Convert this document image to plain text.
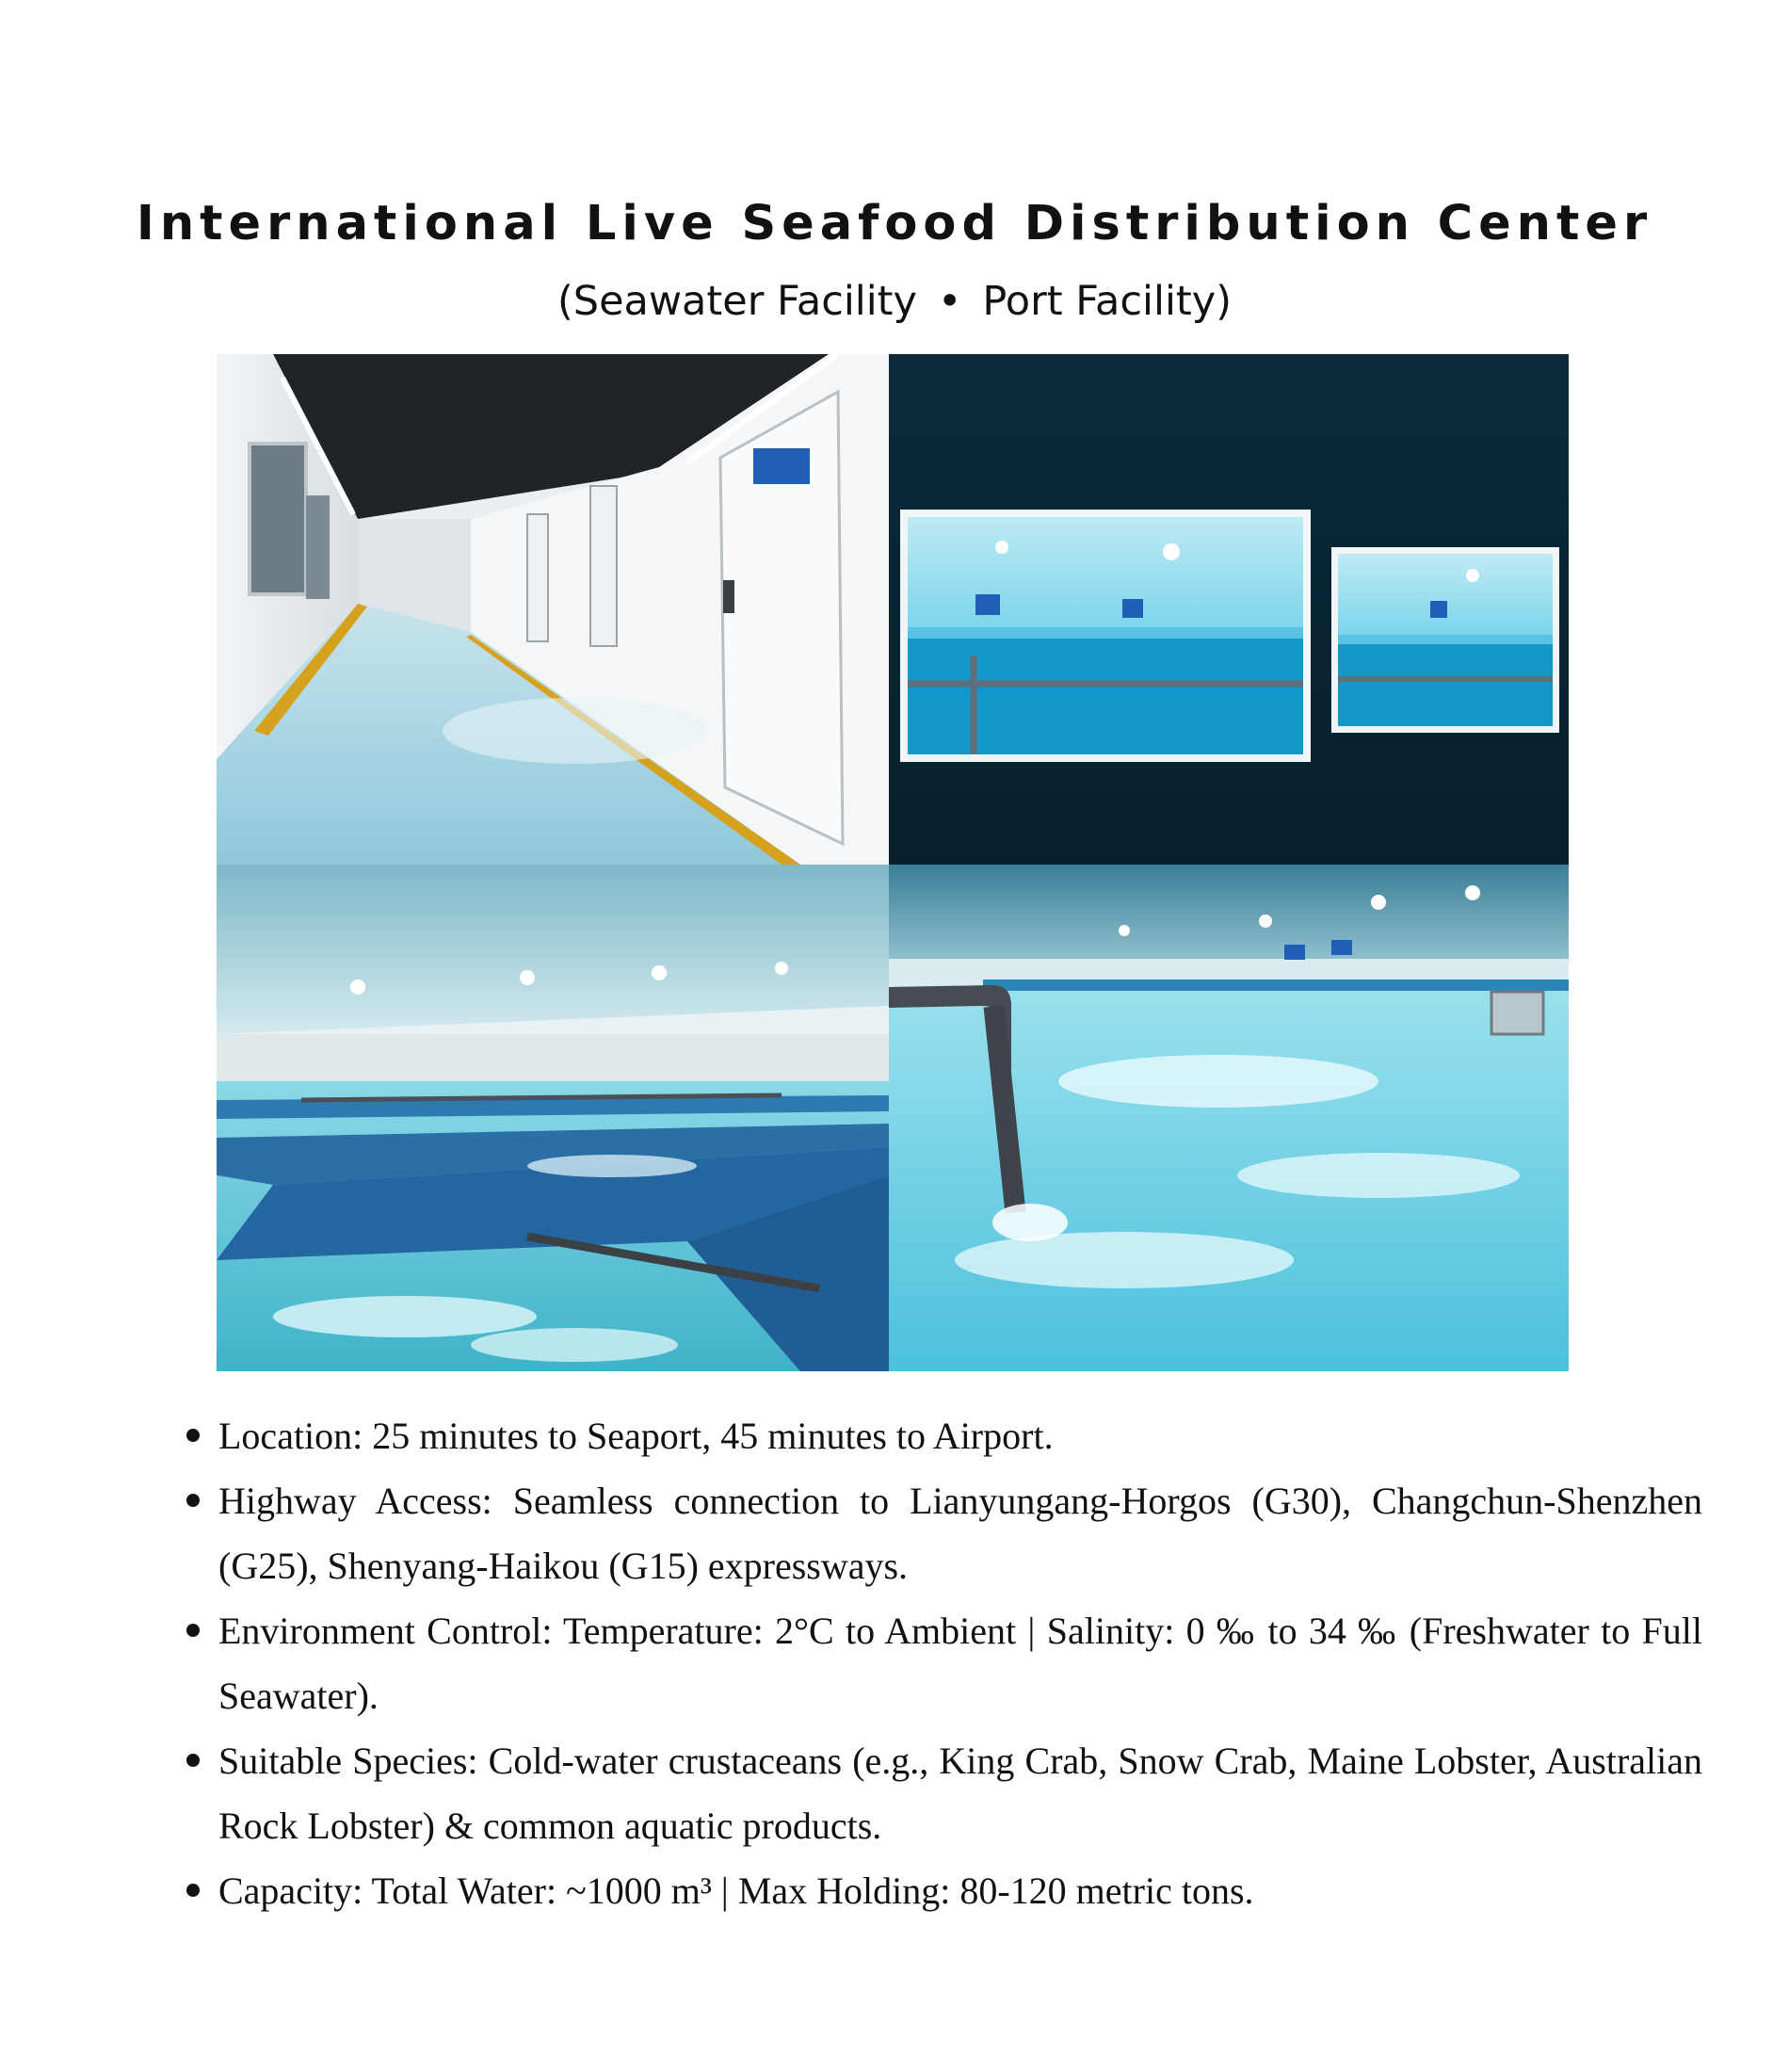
International Live Seafood Distribution Center

(Seawater Facility • Port Facility)

Location: 25 minutes to Seaport, 45 minutes to Airport.
Highway Access: Seamless connection to Lianyungang-Horgos (G30), Changchun-Shenzhen (G25), Shenyang-Haikou (G15) expressways.
Environment Control: Temperature: 2°C to Ambient | Salinity: 0 ‰ to 34 ‰ (Freshwater to Full Seawater).
Suitable Species: Cold-water crustaceans (e.g., King Crab, Snow Crab, Maine Lobster, Australian Rock Lobster) & common aquatic products.
Capacity: Total Water: ~1000 m³ | Max Holding: 80-120 metric tons.
